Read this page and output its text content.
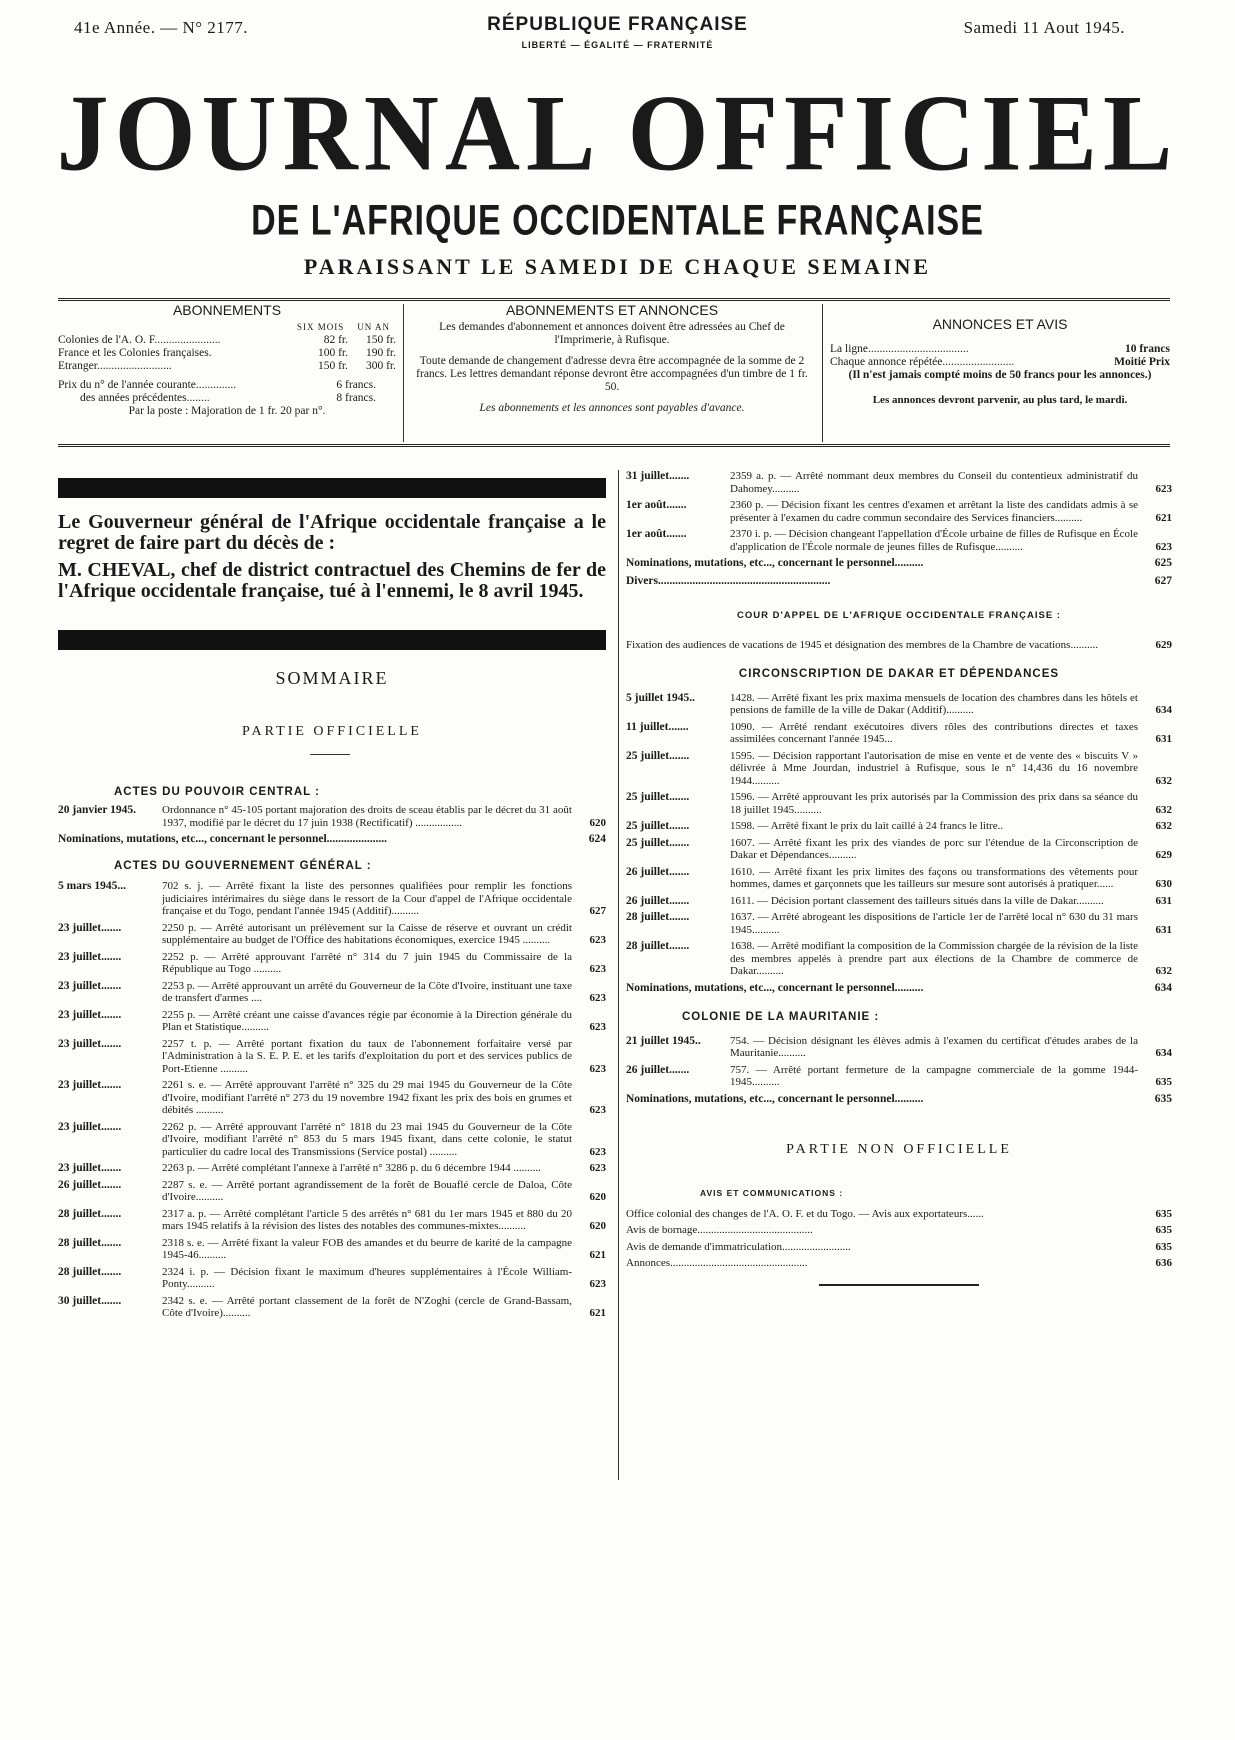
41e Année. — N° 2177.	RÉPUBLIQUE FRANÇAISE
LIBERTÉ — ÉGALITÉ — FRATERNITÉ
Samedi 11 Aout 1945.
JOURNAL OFFICIEL
DE L'AFRIQUE OCCIDENTALE FRANÇAISE
PARAISSANT LE SAMEDI DE CHAQUE SEMAINE
ABONNEMENTS
SIX MOIS UN AN
Colonies de l'A. O. F.......................	82 fr. 150 fr.
France et les Colonies françaises.	100 fr. 190 fr.
Etranger..........................	150 fr. 300 fr.
Prix du n° de l'année courante..............	6 francs.
des années précédentes........	8 francs.
Par la poste : Majoration de 1 fr. 20 par n°.
ABONNEMENTS ET ANNONCES
Les demandes d'abonnement et annonces doivent être adressées au Chef de l'Imprimerie, à Rufisque.
Toute demande de changement d'adresse devra être accompagnée de la somme de 2 francs. Les lettres demandant réponse devront être accompagnées d'un timbre de 1 fr. 50.
Les abonnements et les annonces sont payables d'avance.
ANNONCES ET AVIS
La ligne...................................	10 francs
Chaque annonce répétée.........................	Moitié Prix
(Il n'est jamais compté moins de 50 francs pour les annonces.)
Les annonces devront parvenir, au plus tard, le mardi.

Le Gouverneur général de l'Afrique occidentale française a le regret de faire part du décès de :

M. CHEVAL, chef de district contractuel des Chemins de fer de l'Afrique occidentale française, tué à l'ennemi, le 8 avril 1945.

SOMMAIRE
PARTIE OFFICIELLE
ACTES DU POUVOIR CENTRAL :
20 janvier 1945.	Ordonnance n° 45-105 portant majoration des droits de sceau établis par le décret du 31 août 1937, modifié par le décret du 17 juin 1938 (Rectificatif) .................	620
Nominations, mutations, etc..., concernant le personnel.....................	624
ACTES DU GOUVERNEMENT GÉNÉRAL :
5 mars 1945...	702 s. j. — Arrêté fixant la liste des personnes qualifiées pour remplir les fonctions judiciaires intérimaires du siège dans le ressort de la Cour d'appel de l'Afrique occidentale française et du Togo, pendant l'année 1945 (Additif)..........	627
23 juillet.......	2250 p. — Arrêté autorisant un prélèvement sur la Caisse de réserve et ouvrant un crédit supplémentaire au budget de l'Office des habitations économiques, exercice 1945 ..........	623
23 juillet.......	2252 p. — Arrêté approuvant l'arrêté n° 314 du 7 juin 1945 du Commissaire de la République au Togo ..........	623
23 juillet.......	2253 p. — Arrêté approuvant un arrêté du Gouverneur de la Côte d'Ivoire, instituant une taxe de transfert d'armes ....	623
23 juillet.......	2255 p. — Arrêté créant une caisse d'avances régie par économie à la Direction générale du Plan et Statistique..........	623
23 juillet.......	2257 t. p. — Arrêté portant fixation du taux de l'abonnement forfaitaire versé par l'Administration à la S. E. P. E. et les tarifs d'exploitation du port et des services publics de Port-Etienne ..........	623
23 juillet.......	2261 s. e. — Arrêté approuvant l'arrêté n° 325 du 29 mai 1945 du Gouverneur de la Côte d'Ivoire, modifiant l'arrêté n° 273 du 19 novembre 1942 fixant les prix des bois en grumes et débités ..........	623
23 juillet.......	2262 p. — Arrêté approuvant l'arrêté n° 1818 du 23 mai 1945 du Gouverneur de la Côte d'Ivoire, modifiant l'arrêté n° 853 du 5 mars 1945 fixant, dans cette colonie, le statut particulier du cadre local des Transmissions (Service postal) ..........	623
23 juillet.......	2263 p. — Arrêté complétant l'annexe à l'arrêté n° 3286 p. du 6 décembre 1944 ..........	623
26 juillet.......	2287 s. e. — Arrêté portant agrandissement de la forêt de Bouaflé cercle de Daloa, Côte d'Ivoire..........	620
28 juillet.......	2317 a. p. — Arrêté complétant l'article 5 des arrêtés n° 681 du 1er mars 1945 et 880 du 20 mars 1945 relatifs à la révision des listes des notables des communes-mixtes..........	620
28 juillet.......	2318 s. e. — Arrêté fixant la valeur FOB des amandes et du beurre de karité de la campagne 1945-46..........	621
28 juillet.......	2324 i. p. — Décision fixant le maximum d'heures supplémentaires à l'École William-Ponty..........	623
30 juillet.......	2342 s. e. — Arrêté portant classement de la forêt de N'Zoghi (cercle de Grand-Bassam, Côte d'Ivoire)..........	621
31 juillet.......	2359 a. p. — Arrêté nommant deux membres du Conseil du contentieux administratif du Dahomey..........	623
1er août.......	2360 p. — Décision fixant les centres d'examen et arrêtant la liste des candidats admis à se présenter à l'examen du cadre commun secondaire des Services financiers..........	621
1er août.......	2370 i. p. — Décision changeant l'appellation d'École urbaine de filles de Rufisque en École d'application de l'École normale de jeunes filles de Rufisque..........	623
Nominations, mutations, etc..., concernant le personnel..........	625
Divers............................................................	627
COUR D'APPEL DE L'AFRIQUE OCCIDENTALE FRANÇAISE :
Fixation des audiences de vacations de 1945 et désignation des membres de la Chambre de vacations..........	629
CIRCONSCRIPTION DE DAKAR ET DÉPENDANCES
5 juillet 1945..	1428. — Arrêté fixant les prix maxima mensuels de location des chambres dans les hôtels et pensions de famille de la ville de Dakar (Additif)..........	634
11 juillet.......	1090. — Arrêté rendant exécutoires divers rôles des contributions directes et taxes assimilées concernant l'année 1945...	631
25 juillet.......	1595. — Décision rapportant l'autorisation de mise en vente et de vente des « biscuits V » délivrée à Mme Jourdan, industriel à Rufisque, sous le n° 14,436 du 16 novembre 1944..........	632
25 juillet.......	1596. — Arrêté approuvant les prix autorisés par la Commission des prix dans sa séance du 18 juillet 1945..........	632
25 juillet.......	1598. — Arrêté fixant le prix du lait caillé à 24 francs le litre..	632
25 juillet.......	1607. — Arrêté fixant les prix des viandes de porc sur l'étendue de la Circonscription de Dakar et Dépendances..........	629
26 juillet.......	1610. — Arrêté fixant les prix limites des façons ou transformations des vêtements pour hommes, dames et garçonnets que les tailleurs sur mesure sont autorisés à pratiquer......	630
26 juillet.......	1611. — Décision portant classement des tailleurs situés dans la ville de Dakar..........	631
28 juillet.......	1637. — Arrêté abrogeant les dispositions de l'article 1er de l'arrêté local n° 630 du 31 mars 1945..........	631
28 juillet.......	1638. — Arrêté modifiant la composition de la Commission chargée de la révision de la liste des membres appelés à prendre part aux élections de la Chambre de commerce de Dakar..........	632
Nominations, mutations, etc..., concernant le personnel..........	634
COLONIE DE LA MAURITANIE :
21 juillet 1945..	754. — Décision désignant les élèves admis à l'examen du certificat d'études arabes de la Mauritanie..........	634
26 juillet.......	757. — Arrêté portant fermeture de la campagne commerciale de la gomme 1944-1945..........	635
Nominations, mutations, etc..., concernant le personnel..........	635
PARTIE NON OFFICIELLE
AVIS ET COMMUNICATIONS :
Office colonial des changes de l'A. O. F. et du Togo. — Avis aux exportateurs......	635
Avis de bornage..........................................	635
Avis de demande d'immatriculation.........................	635
Annonces..................................................	636
